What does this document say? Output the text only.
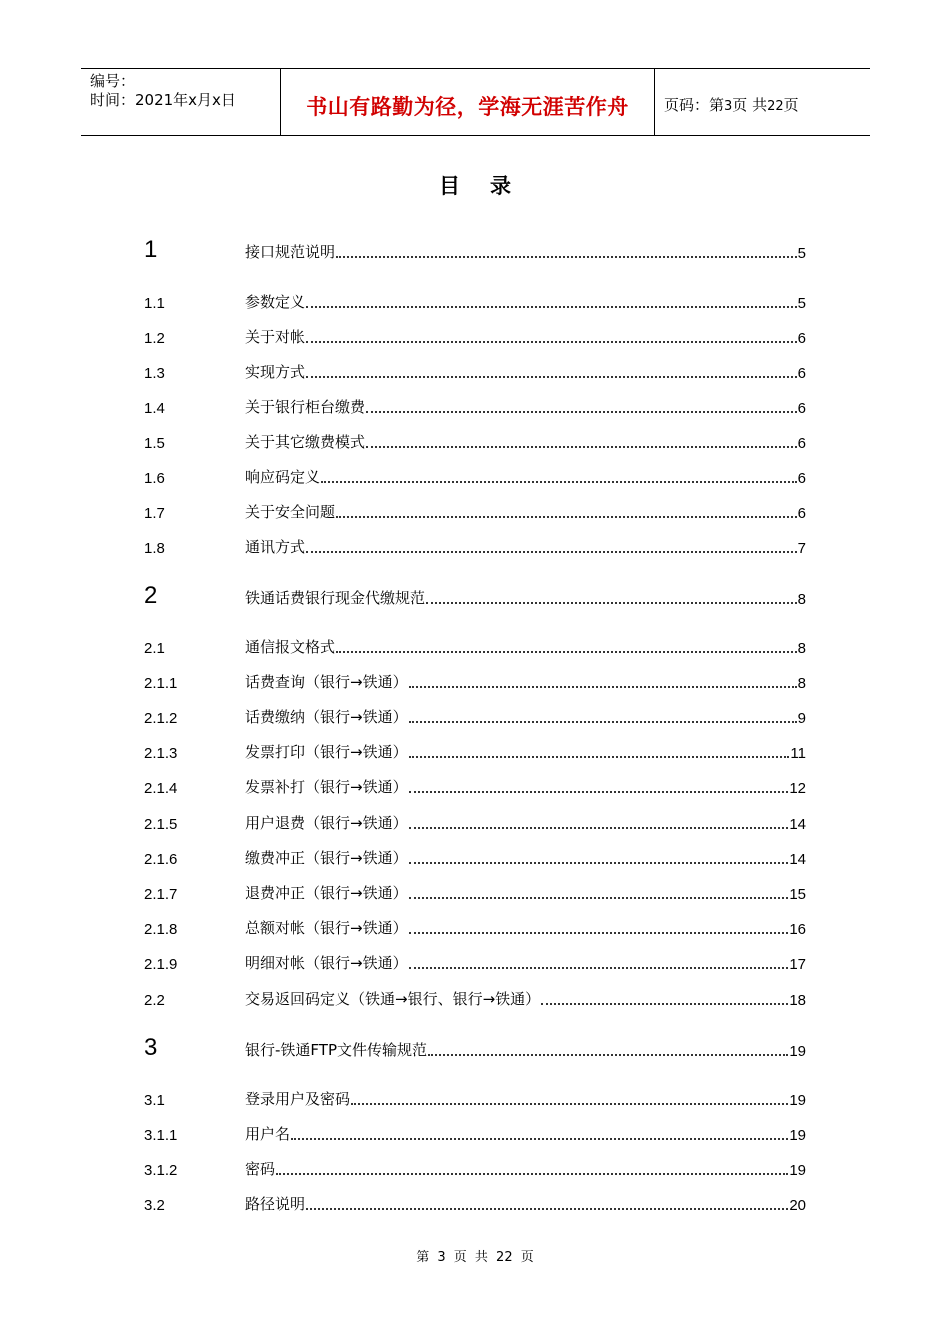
编号：
时间：2021年x月x日	书山有路勤为径，学海无涯苦作舟	页码：第3页 共22页
目录
1	接口规范说明	5
1.1	参数定义	5
1.2	关于对帐	6
1.3	实现方式	6
1.4	关于银行柜台缴费	6
1.5	关于其它缴费模式	6
1.6	响应码定义	6
1.7	关于安全问题	6
1.8	通讯方式	7
2	铁通话费银行现金代缴规范	8
2.1	通信报文格式	8
2.1.1	话费查询（银行→铁通）	8
2.1.2	话费缴纳（银行→铁通）	9
2.1.3	发票打印（银行→铁通）	11
2.1.4	发票补打（银行→铁通）	12
2.1.5	用户退费（银行→铁通）	14
2.1.6	缴费冲正（银行→铁通）	14
2.1.7	退费冲正（银行→铁通）	15
2.1.8	总额对帐（银行→铁通）	16
2.1.9	明细对帐（银行→铁通）	17
2.2	交易返回码定义（铁通→银行、银行→铁通）	18
3	银行-铁通FTP文件传输规范	19
3.1	登录用户及密码	19
3.1.1	用户名	19
3.1.2	密码	19
3.2	路径说明	20
第 3 页 共 22 页
